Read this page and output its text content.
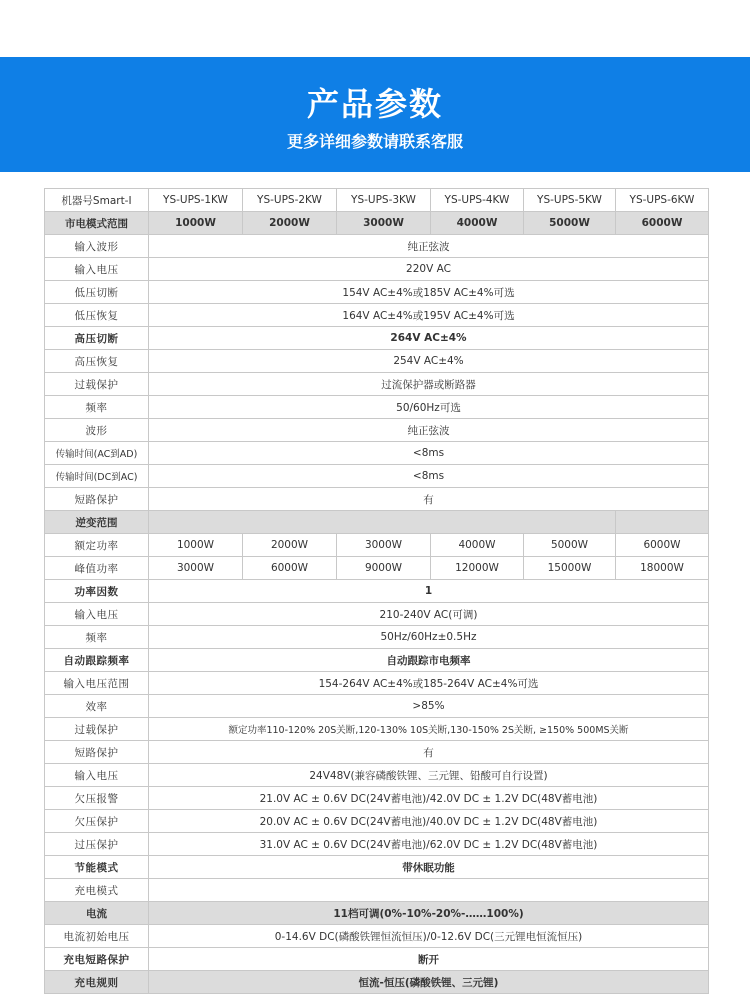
产品参数
更多详细参数请联系客服
机器号Smart-I	YS-UPS-1KW	YS-UPS-2KW	YS-UPS-3KW	YS-UPS-4KW	YS-UPS-5KW	YS-UPS-6KW
市电模式范围	1000W	2000W	3000W	4000W	5000W	6000W
输入波形	纯正弦波					
输入电压	220V AC					
低压切断	154V AC±4%或185V AC±4%可选					
低压恢复	164V AC±4%或195V AC±4%可选					
高压切断	264V AC±4%					
高压恢复	254V AC±4%					
过载保护	过流保护器或断路器					
频率	50/60Hz可选					
波形	纯正弦波					
传输时间(AC到AD)	<8ms					
传输时间(DC到AC)	<8ms					
短路保护	有					
逆变范围						
额定功率	1000W	2000W	3000W	4000W	5000W	6000W
峰值功率	3000W	6000W	9000W	12000W	15000W	18000W
功率因数	1					
输入电压	210-240V AC(可调)					
频率	50Hz/60Hz±0.5Hz					
自动跟踪频率	自动跟踪市电频率					
输入电压范围	154-264V AC±4%或185-264V AC±4%可选					
效率	>85%					
过载保护	额定功率110-120% 20S关断,120-130% 10S关断,130-150% 2S关断, ≥150% 500MS关断					
短路保护	有					
输入电压	24V48V(兼容磷酸铁锂、三元锂、铅酸可自行设置)					
欠压报警	21.0V AC ± 0.6V DC(24V蓄电池)/42.0V DC ± 1.2V DC(48V蓄电池)					
欠压保护	20.0V AC ± 0.6V DC(24V蓄电池)/40.0V DC ± 1.2V DC(48V蓄电池)					
过压保护	31.0V AC ± 0.6V DC(24V蓄电池)/62.0V DC ± 1.2V DC(48V蓄电池)					
节能模式	带休眠功能					
充电模式						
电流	11档可调(0%-10%-20%-……100%)					
电流初始电压	0-14.6V DC(磷酸铁锂恒流恒压)/0-12.6V DC(三元锂电恒流恒压)					
充电短路保护	断开					
充电规则	恒流-恒压(磷酸铁锂、三元锂)					
